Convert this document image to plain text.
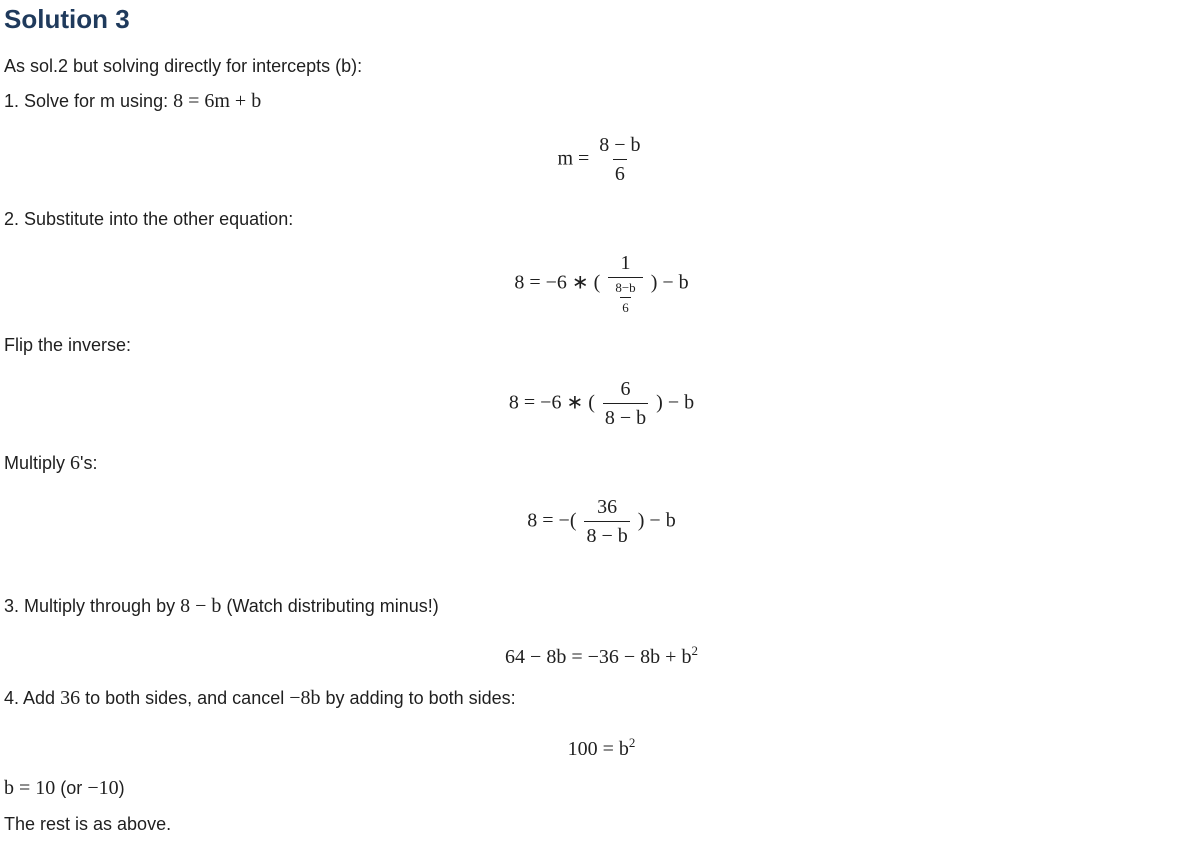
Solution 3
As sol.2 but solving directly for intercepts (b):
1. Solve for m using: 8 = 6m + b
$m = \frac{8 - b}{6}$
2. Substitute into the other equation:
8 = −6 ∗ ( $\frac{1}{\frac{8-b}{6}}$ ) − b
Flip the inverse:
8 = −6 ∗ ( $\frac{6}{8 - b}$ ) − b
Multiply 6's:
8 = −( $\frac{36}{8 - b}$ ) − b
3. Multiply through by 8 − b (Watch distributing minus!)
$64 - 8b = -36 - 8b + b^2$
4. Add 36 to both sides, and cancel −8b by adding to both sides:
$100 = b^2$
b = 10 (or −10)
The rest is as above.
